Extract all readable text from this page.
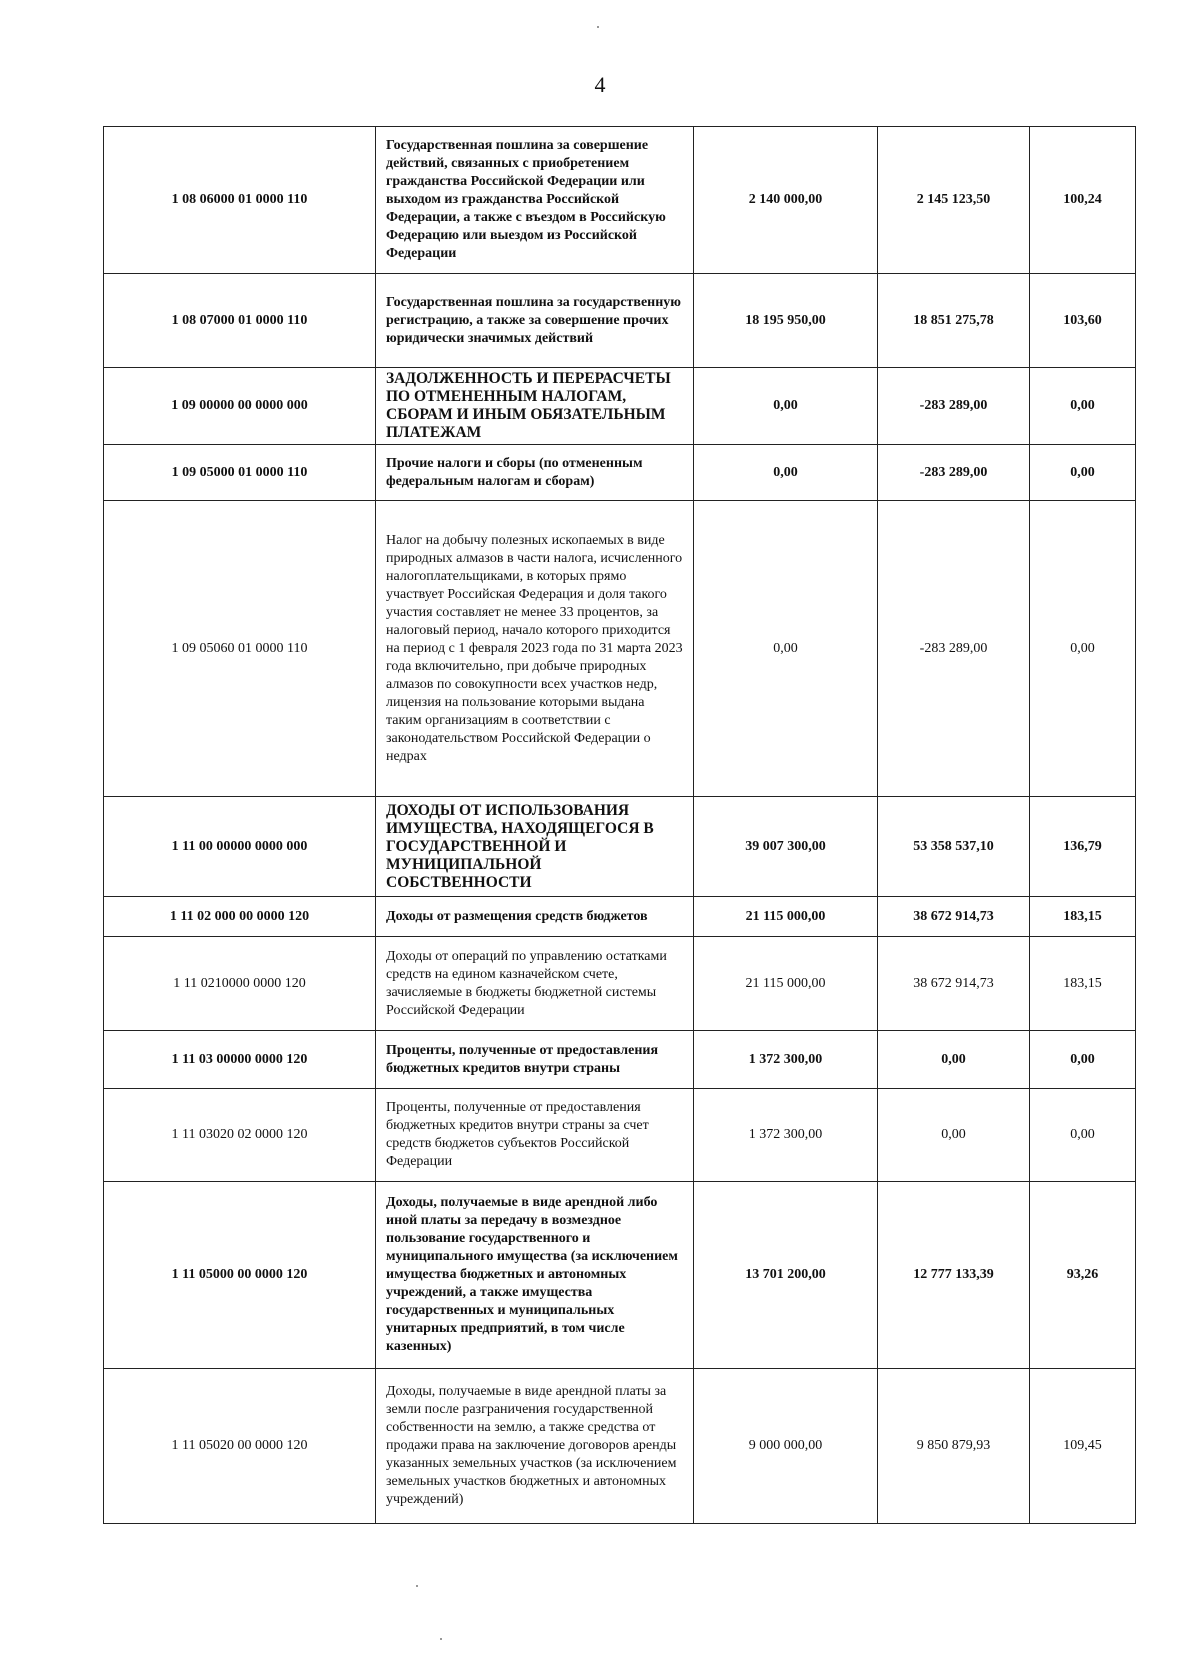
4
1 08 06000 01 0000 110	Государственная пошлина за совершение действий, связанных с приобретением гражданства Российской Федерации или выходом из гражданства Российской Федерации, а также с въездом в Российскую Федерацию или выездом из Российской Федерации	2 140 000,00	2 145 123,50	100,24
1 08 07000 01 0000 110	Государственная пошлина за государственную регистрацию, а также за совершение прочих юридически значимых действий	18 195 950,00	18 851 275,78	103,60
1 09 00000 00 0000 000	ЗАДОЛЖЕННОСТЬ И ПЕРЕРАСЧЕТЫ ПО ОТМЕНЕННЫМ НАЛОГАМ, СБОРАМ И ИНЫМ ОБЯЗАТЕЛЬНЫМ ПЛАТЕЖАМ	0,00	-283 289,00	0,00
1 09 05000 01 0000 110	Прочие налоги и сборы (по отмененным федеральным налогам и сборам)	0,00	-283 289,00	0,00
1 09 05060 01 0000 110	Налог на добычу полезных ископаемых в виде природных алмазов в части налога, исчисленного налогоплательщиками, в которых прямо участвует Российская Федерация и доля такого участия составляет не менее 33 процентов, за налоговый период, начало которого приходится на период с 1 февраля 2023 года по 31 марта 2023 года включительно, при добыче природных алмазов по совокупности всех участков недр, лицензия на пользование которыми выдана таким организациям в соответствии с законодательством Российской Федерации о недрах	0,00	-283 289,00	0,00
1 11 00 00000 0000 000	ДОХОДЫ ОТ ИСПОЛЬЗОВАНИЯ ИМУЩЕСТВА, НАХОДЯЩЕГОСЯ В ГОСУДАРСТВЕННОЙ И МУНИЦИПАЛЬНОЙ СОБСТВЕННОСТИ	39 007 300,00	53 358 537,10	136,79
1 11 02 000 00 0000 120	Доходы от размещения средств бюджетов	21 115 000,00	38 672 914,73	183,15
1 11 0210000 0000 120	Доходы от операций по управлению остатками средств на едином казначейском счете, зачисляемые в бюджеты бюджетной системы Российской Федерации	21 115 000,00	38 672 914,73	183,15
1 11 03 00000 0000 120	Проценты, полученные от предоставления бюджетных кредитов внутри страны	1 372 300,00	0,00	0,00
1 11 03020 02 0000 120	Проценты, полученные от предоставления бюджетных кредитов внутри страны за счет средств бюджетов субъектов Российской Федерации	1 372 300,00	0,00	0,00
1 11 05000 00 0000 120	Доходы, получаемые в виде арендной либо иной платы за передачу в возмездное пользование государственного и муниципального имущества (за исключением имущества бюджетных и автономных учреждений, а также имущества государственных и муниципальных унитарных предприятий, в том числе казенных)	13 701 200,00	12 777 133,39	93,26
1 11 05020 00 0000 120	Доходы, получаемые в виде арендной платы за земли после разграничения государственной собственности на землю, а также средства от продажи права на заключение договоров аренды указанных земельных участков (за исключением земельных участков бюджетных и автономных учреждений)	9 000 000,00	9 850 879,93	109,45
